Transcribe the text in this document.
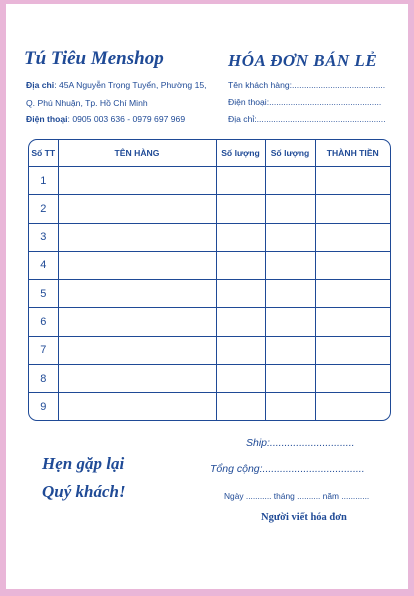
Tú Tiêu Menshop
Địa chỉ: 45A Nguyễn Trọng Tuyển, Phường 15,
Q. Phú Nhuận, Tp. Hồ Chí Minh
Điện thoại: 0905 003 636 - 0979 697 969
HÓA ĐƠN BÁN LẺ
Tên khách hàng:.......................................
Điện thoại:...............................................
Địa chỉ:......................................................
Số TT	TÊN HÀNG	Số lượng	Số lượng	THÀNH TIỀN
1				
2				
3				
4				
5				
6				
7				
8				
9				
Ship:.............................
Tổng cộng:...................................
Ngày ........... tháng .......... năm ............
Người viết hóa đơn
Hẹn gặp lại
Quý khách!
